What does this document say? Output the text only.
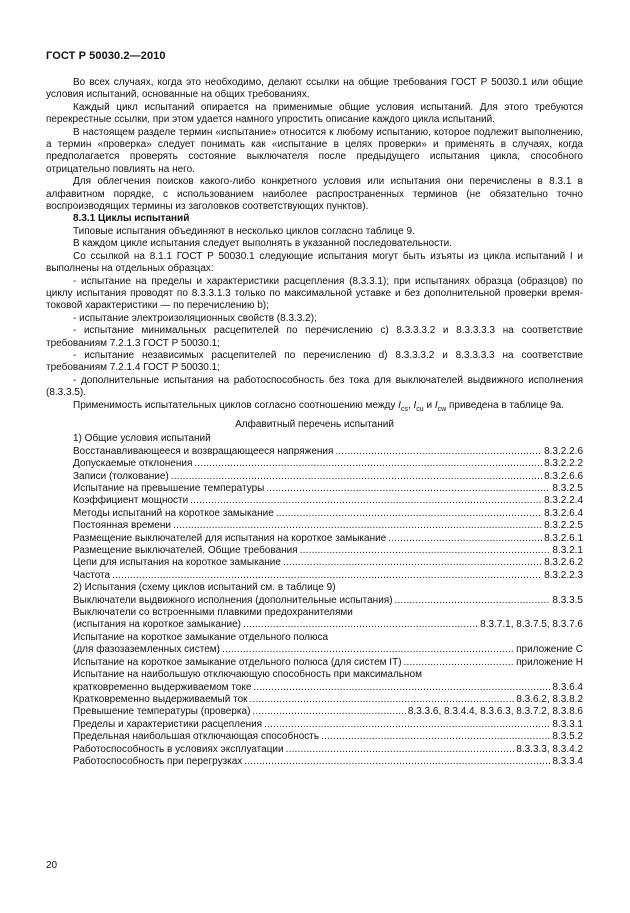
ГОСТ Р 50030.2—2010

Во всех случаях, когда это необходимо, делают ссылки на общие требования ГОСТ Р 50030.1 или общие условия испытаний, основанные на общих требованиях.

Каждый цикл испытаний опирается на применимые общие условия испытаний. Для этого требуются перекрестные ссылки, при этом удается намного упростить описание каждого цикла испытаний.

В настоящем разделе термин «испытание» относится к любому испытанию, которое подлежит выполнению, а термин «проверка» следует понимать как «испытание в целях проверки» и применять в случаях, когда предполагается проверять состояние выключателя после предыдущего испытания цикла, способного отрицательно повлиять на него.

Для облегчения поисков какого-либо конкретного условия или испытания они перечислены в 8.3.1 в алфавитном порядке, с использованием наиболее распространенных терминов (не обязательно точно воспроизводящих термины из заголовков соответствующих пунктов).

8.3.1 Циклы испытаний

Типовые испытания объединяют в несколько циклов согласно таблице 9.

В каждом цикле испытания следует выполнять в указанной последовательности.

Со ссылкой на 8.1.1 ГОСТ Р 50030.1 следующие испытания могут быть изъяты из цикла испытаний I и выполнены на отдельных образцах:

- испытание на пределы и характеристики расцепления (8.3.3.1); при испытаниях образца (образцов) по циклу испытания проводят по 8.3.3.1.3 только по максимальной уставке и без дополнительной проверки время-токовой характеристики — по перечислению b);

- испытание электроизоляционных свойств (8.3.3.2);

- испытание минимальных расцепителей по перечислению c) 8.3.3.3.2 и 8.3.3.3.3 на соответствие требованиям 7.2.1.3 ГОСТ Р 50030.1;

- испытание независимых расцепителей по перечислению d) 8.3.3.3.2 и 8.3.3.3.3 на соответствие требованиям 7.2.1.4 ГОСТ Р 50030.1;

- дополнительные испытания на работоспособность без тока для выключателей выдвижного исполнения (8.3.3.5).

Применимость испытательных циклов согласно соотношению между $I_{cs}$, $I_{cu}$ и $I_{cw}$ приведена в таблице 9а.

Алфавитный перечень испытаний

1) Общие условия испытаний

Восстанавливающееся и возвращающееся напряжения .....	8.3.2.2.6
Допускаемые отклонения .....	8.3.2.2.2
Записи (толкование) .....	8.3.2.6.6
Испытание на превышение температуры .....	8.3.2.5
Коэффициент мощности .....	8.3.2.2.4
Методы испытаний на короткое замыкание .....	8.3.2.6.4
Постоянная времени .....	8.3.2.2.5
Размещение выключателей для испытания на короткое замыкание .....	8.3.2.6.1
Размещение выключателей. Общие требования .....	8.3.2.1
Цепи для испытания на короткое замыкание .....	8.3.2.6.2
Частота .....	8.3.2.2.3

2) Испытания (схему циклов испытаний см. в таблице 9)

Выключатели выдвижного исполнения (дополнительные испытания) .....	8.3.3.5

Выключатели со встроенными плавкими предохранителями

(испытания на короткое замыкание) .....	8.3.7.1, 8.3.7.5, 8.3.7.6

Испытание на короткое замыкание отдельного полюса

(для фазозаземленных систем) .....	приложение С
Испытание на короткое замыкание отдельного полюса (для систем IT) .....	приложение Н

Испытание на наибольшую отключающую способность при максимальном

кратковременно выдерживаемом токе .....	8.3.6.4
Кратковременно выдерживаемый ток .....	8.3.6.2, 8.3.8.2
Превышение температуры (проверка) .....	8.3.3.6, 8.3.4.4, 8.3.6.3, 8.3.7.2, 8.3.8.6
Пределы и характеристики расцепления .....	8.3.3.1
Предельная наибольшая отключающая способность .....	8.3.5.2
Работоспособность в условиях эксплуатации .....	8.3.3.3, 8.3.4.2
Работоспособность при перегрузках .....	8.3.3.4
20
